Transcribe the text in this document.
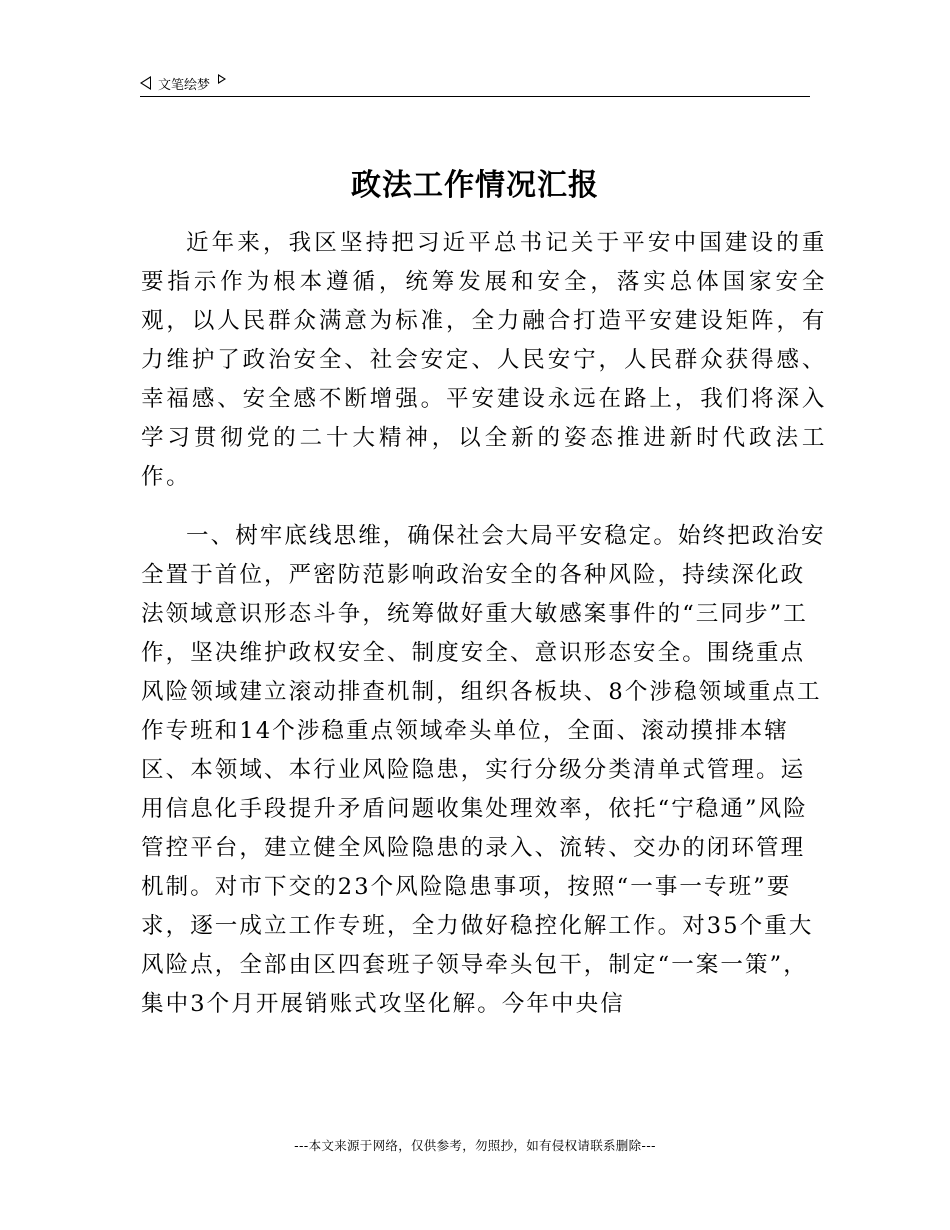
文笔绘梦
政法工作情况汇报

近年来，我区坚持把习近平总书记关于平安中国建设的重要指示作为根本遵循，统筹发展和安全，落实总体国家安全观，以人民群众满意为标准，全力融合打造平安建设矩阵，有力维护了政治安全、社会安定、人民安宁，人民群众获得感、幸福感、安全感不断增强。平安建设永远在路上，我们将深入学习贯彻党的二十大精神，以全新的姿态推进新时代政法工作。

一、树牢底线思维，确保社会大局平安稳定。始终把政治安全置于首位，严密防范影响政治安全的各种风险，持续深化政法领域意识形态斗争，统筹做好重大敏感案事件的“三同步”工作，坚决维护政权安全、制度安全、意识形态安全。围绕重点风险领域建立滚动排查机制，组织各板块、8个涉稳领域重点工作专班和14个涉稳重点领域牵头单位，全面、滚动摸排本辖区、本领域、本行业风险隐患，实行分级分类清单式管理。运用信息化手段提升矛盾问题收集处理效率，依托“宁稳通”风险管控平台，建立健全风险隐患的录入、流转、交办的闭环管理机制。对市下交的23个风险隐患事项，按照“一事一专班”要求，逐一成立工作专班，全力做好稳控化解工作。对35个重大风险点，全部由区四套班子领导牵头包干，制定“一案一策”，集中3个月开展销账式攻坚化解。今年中央信

---本文来源于网络，仅供参考，勿照抄，如有侵权请联系删除---
